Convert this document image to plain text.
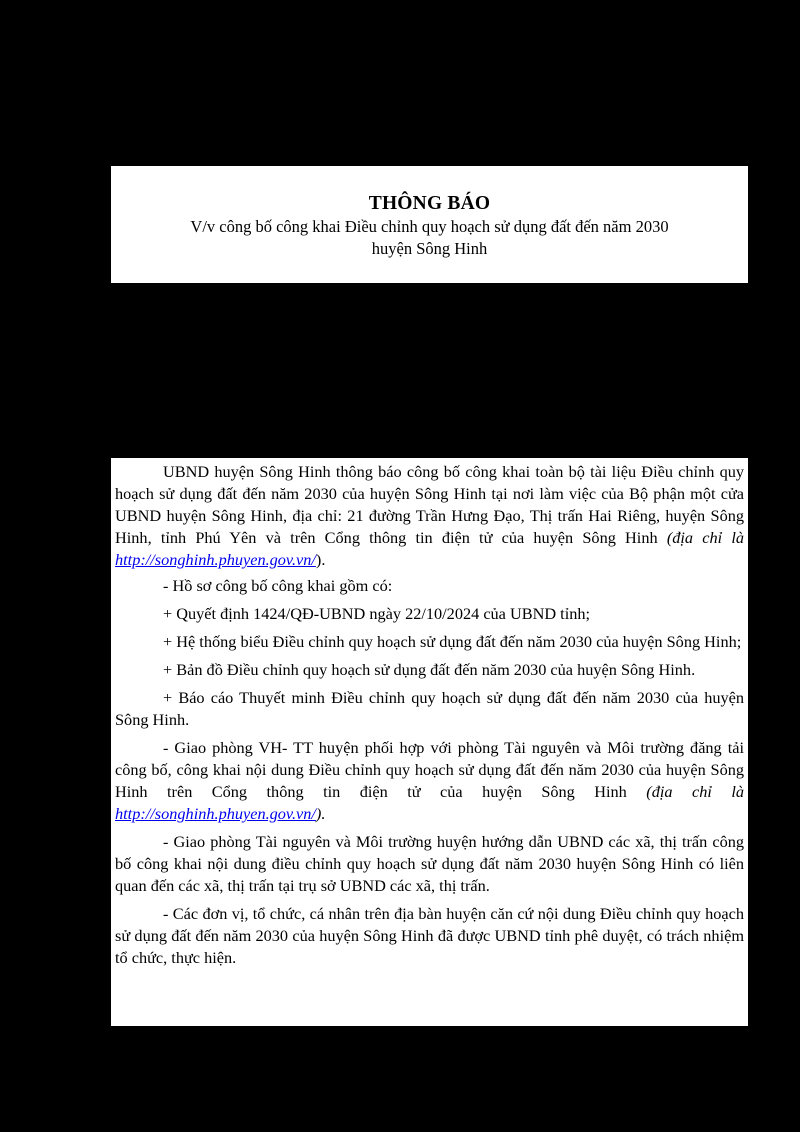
THÔNG BÁO
V/v công bố công khai Điều chỉnh quy hoạch sử dụng đất đến năm 2030
huyện Sông Hinh

UBND huyện Sông Hinh thông báo công bố công khai toàn bộ tài liệu Điều chỉnh quy hoạch sử dụng đất đến năm 2030 của huyện Sông Hinh tại nơi làm việc của Bộ phận một cửa UBND huyện Sông Hinh, địa chỉ: 21 đường Trần Hưng Đạo, Thị trấn Hai Riêng, huyện Sông Hinh, tỉnh Phú Yên và trên Cổng thông tin điện tử của huyện Sông Hinh (địa chỉ là http://songhinh.phuyen.gov.vn/).

- Hồ sơ công bố công khai gồm có:

+ Quyết định 1424/QĐ-UBND ngày 22/10/2024 của UBND tỉnh;

+ Hệ thống biểu Điều chỉnh quy hoạch sử dụng đất đến năm 2030 của huyện Sông Hinh;

+ Bản đồ Điều chỉnh quy hoạch sử dụng đất đến năm 2030 của huyện Sông Hinh.

+ Báo cáo Thuyết minh Điều chỉnh quy hoạch sử dụng đất đến năm 2030 của huyện Sông Hinh.

- Giao phòng VH- TT huyện phối hợp với phòng Tài nguyên và Môi trường đăng tải công bố, công khai nội dung Điều chỉnh quy hoạch sử dụng đất đến năm 2030 của huyện Sông Hinh trên Cổng thông tin điện tử của huyện Sông Hinh (địa chỉ là http://songhinh.phuyen.gov.vn/).

- Giao phòng Tài nguyên và Môi trường huyện hướng dẫn UBND các xã, thị trấn công bố công khai nội dung điều chỉnh quy hoạch sử dụng đất năm 2030 huyện Sông Hinh có liên quan đến các xã, thị trấn tại trụ sở UBND các xã, thị trấn.

- Các đơn vị, tổ chức, cá nhân trên địa bàn huyện căn cứ nội dung Điều chỉnh quy hoạch sử dụng đất đến năm 2030 của huyện Sông Hinh đã được UBND tỉnh phê duyệt, có trách nhiệm tổ chức, thực hiện.
